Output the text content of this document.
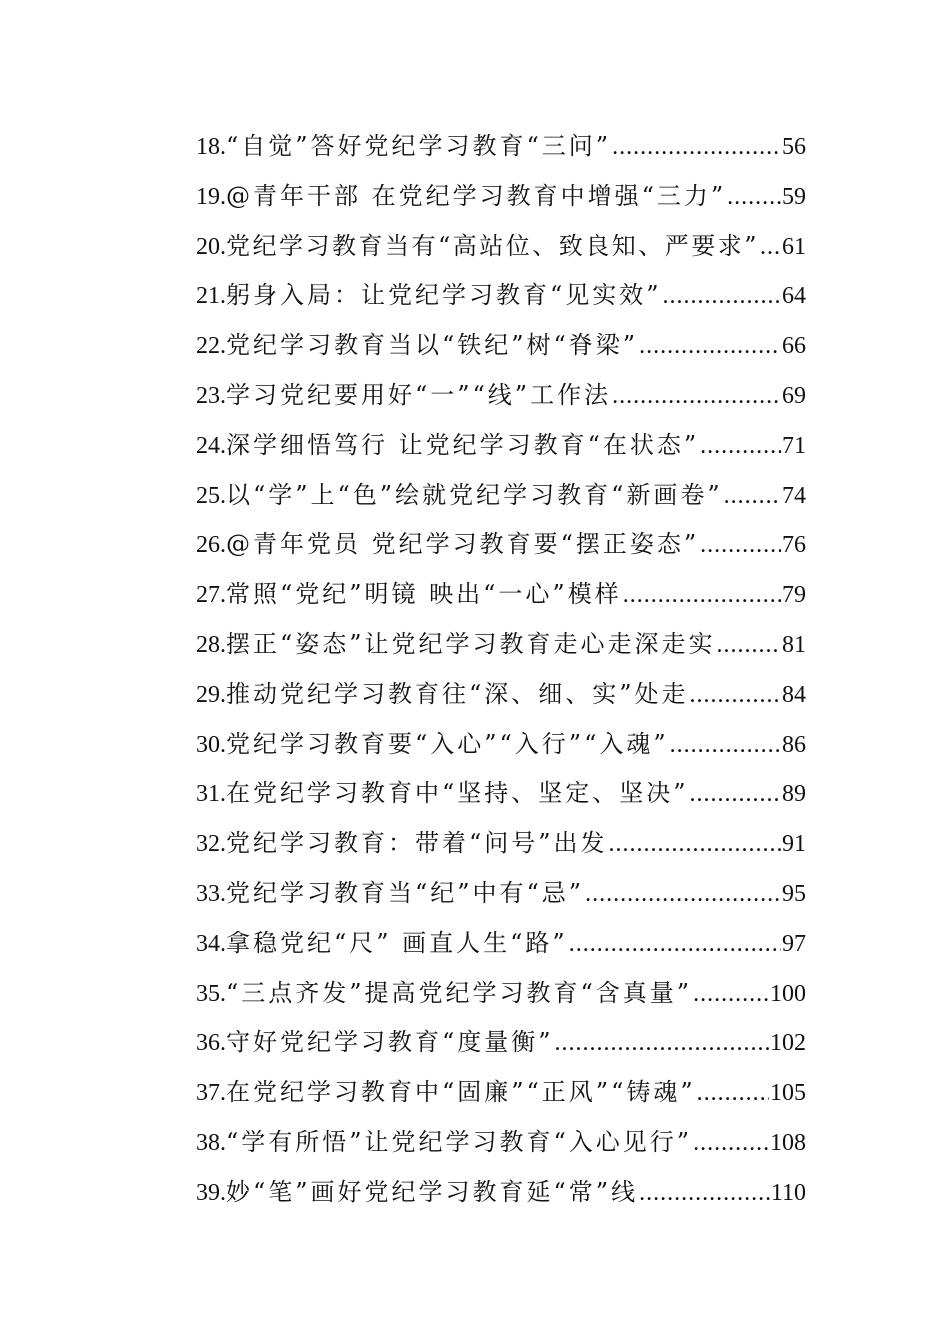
18. “自觉”答好党纪学习教育“三问” .....	56
19. @青年干部 在党纪学习教育中增强“三力” ..... 59
20. 党纪学习教育当有“高站位、致良知、严要求” ..... 61
21. 躬身入局：让党纪学习教育“见实效” .....	64
22. 党纪学习教育当以“铁纪”树“脊梁” .....	66
23. 学习党纪要用好“一”“线”工作法 .....	69
24. 深学细悟笃行 让党纪学习教育“在状态” .....	71
25. 以“学”上“色”绘就党纪学习教育“新画卷” ..... 74
26. @青年党员 党纪学习教育要“摆正姿态” .....	76
27. 常照“党纪”明镜 映出“一心”模样 .....	79
28. 摆正“姿态”让党纪学习教育走心走深走实 .....	81
29. 推动党纪学习教育往“深、细、实”处走 .....	84
30. 党纪学习教育要“入心”“入行”“入魂” .....	86
31. 在党纪学习教育中“坚持、坚定、坚决” .....	89
32. 党纪学习教育：带着“问号”出发 .....	91
33. 党纪学习教育当“纪”中有“忌” .....	95
34. 拿稳党纪“尺” 画直人生“路” .....	97
35. “三点齐发”提高党纪学习教育“含真量” .....	100
36. 守好党纪学习教育“度量衡” .....	102
37. 在党纪学习教育中“固廉”“正风”“铸魂” .....	105
38. “学有所悟”让党纪学习教育“入心见行” .....	108
39. 妙“笔”画好党纪学习教育延“常”线 .....	110
